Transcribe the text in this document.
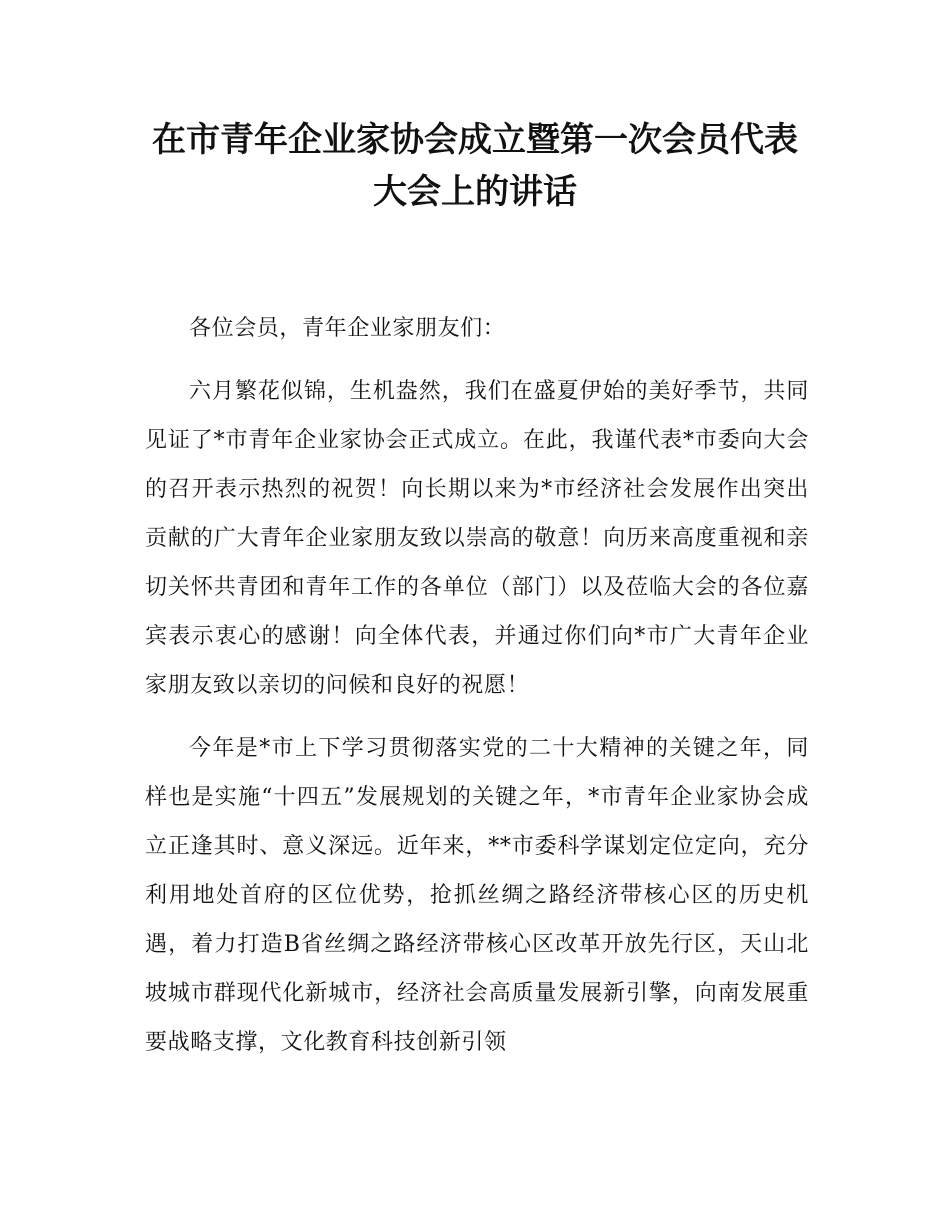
在市青年企业家协会成立暨第一次会员代表
大会上的讲话

各位会员，青年企业家朋友们：

六月繁花似锦，生机盎然，我们在盛夏伊始的美好季节，共同见证了*市青年企业家协会正式成立。在此，我谨代表*市委向大会的召开表示热烈的祝贺！向长期以来为*市经济社会发展作出突出贡献的广大青年企业家朋友致以崇高的敬意！向历来高度重视和亲切关怀共青团和青年工作的各单位（部门）以及莅临大会的各位嘉宾表示衷心的感谢！向全体代表，并通过你们向*市广大青年企业家朋友致以亲切的问候和良好的祝愿！

今年是*市上下学习贯彻落实党的二十大精神的关键之年，同样也是实施“十四五”发展规划的关键之年，*市青年企业家协会成立正逢其时、意义深远。近年来，**市委科学谋划定位定向，充分利用地处首府的区位优势，抢抓丝绸之路经济带核心区的历史机遇，着力打造B省丝绸之路经济带核心区改革开放先行区，天山北坡城市群现代化新城市，经济社会高质量发展新引擎，向南发展重要战略支撑，文化教育科技创新引领
